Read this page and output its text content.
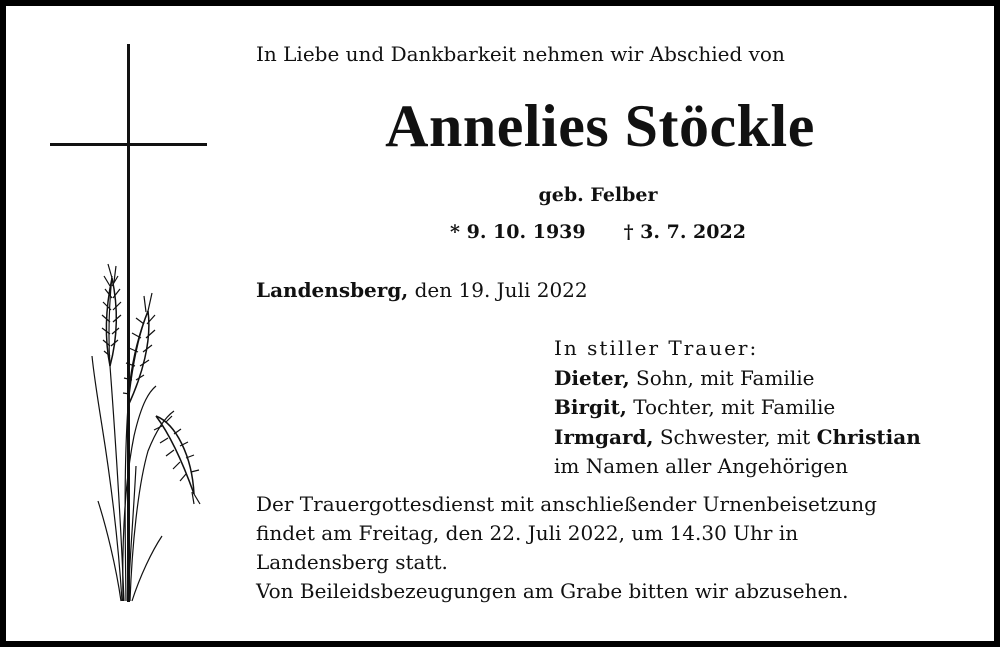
In Liebe und Dankbarkeit nehmen wir Abschied von
Annelies Stöckle
geb. Felber
* 9. 10. 1939 † 3. 7. 2022
Landensberg, den 19. Juli 2022
In stiller Trauer:
Dieter, Sohn, mit Familie
Birgit, Tochter, mit Familie
Irmgard, Schwester, mit Christian
im Namen aller Angehörigen
Der Trauergottesdienst mit anschließender Urnenbeisetzung
findet am Freitag, den 22. Juli 2022, um 14.30 Uhr in
Landensberg statt.
Von Beileidsbezeugungen am Grabe bitten wir abzusehen.
